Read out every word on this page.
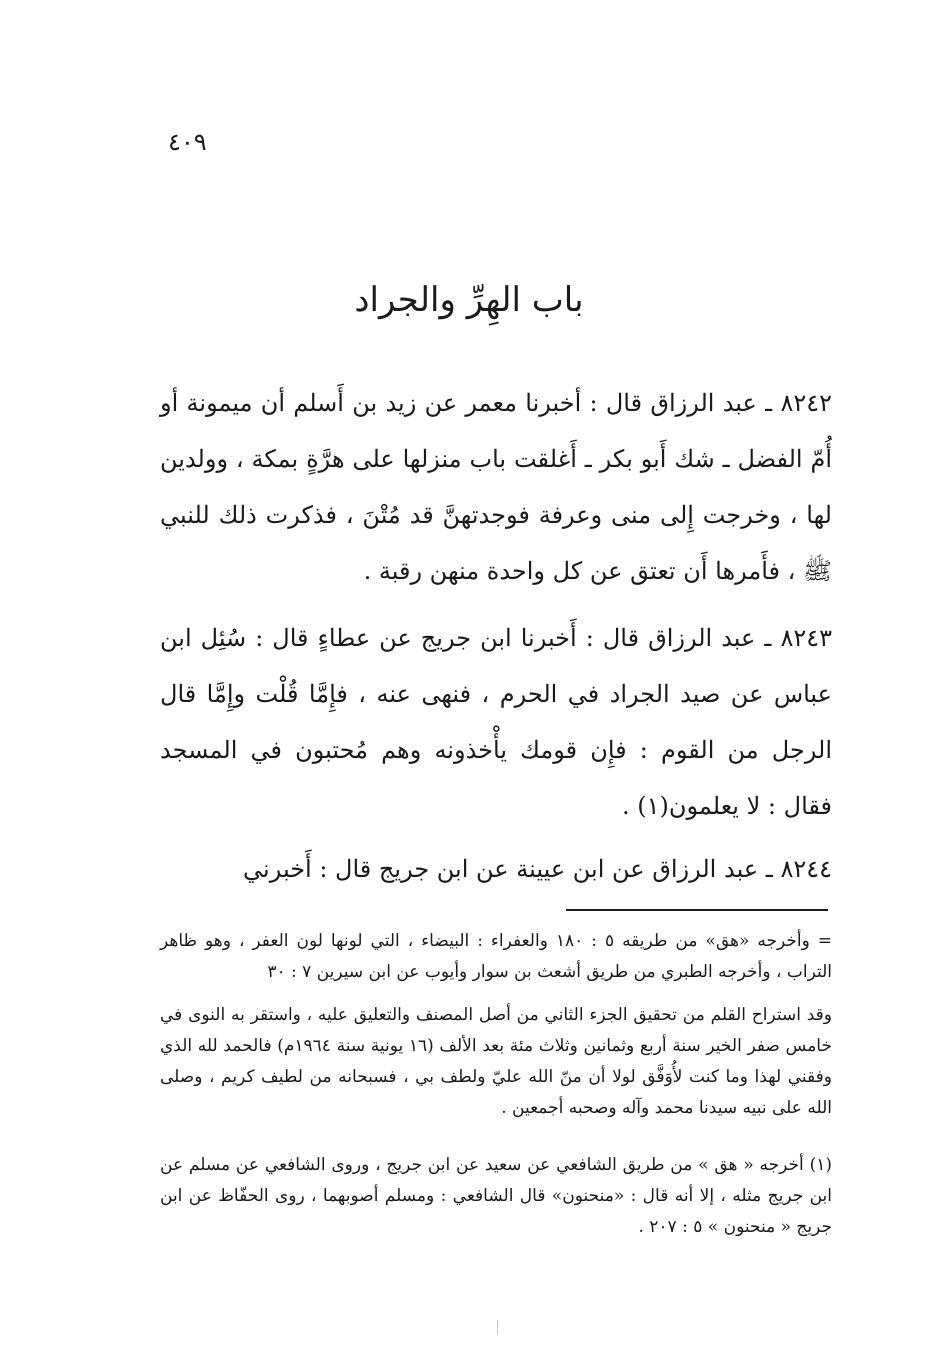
٤٠٩
باب الهِرِّ والجراد

٨٢٤٢ ـ عبد الرزاق قال : أخبرنا معمر عن زيد بن أَسلم أن ميمونة أو أُمّ الفضل ـ شك أَبو بكر ـ أَغلقت باب منزلها على هرَّةٍ بمكة ، وولدين لها ، وخرجت إِلى منى وعرفة فوجدتهنَّ قد مُتْنَ ، فذكرت ذلك للنبي ﷺ ، فأَمرها أَن تعتق عن كل واحدة منهن رقبة .

٨٢٤٣ ـ عبد الرزاق قال : أَخبرنا ابن جريج عن عطاءٍ قال : سُئِل ابن عباس عن صيد الجراد في الحرم ، فنهى عنه ، فإِمَّا قُلْت وإِمَّا قال الرجل من القوم : فإِن قومك يأْخذونه وهم مُحتبون في المسجد فقال : لا يعلمون(١) .

٨٢٤٤ ـ عبد الرزاق عن ابن عيينة عن ابن جريج قال : أَخبرني

= وأخرجه «هق» من طريقه ٥ : ١٨٠ والعفراء : البيضاء ، التي لونها لون العفر ، وهو ظاهر التراب ، وأخرجه الطبري من طريق أشعث بن سوار وأيوب عن ابن سيرين ٧ : ٣٠

وقد استراح القلم من تحقيق الجزء الثاني من أصل المصنف والتعليق عليه ، واستقر به النوى في خامس صفر الخير سنة أربع وثمانين وثلاث مئة بعد الألف (١٦ يونية سنة ١٩٦٤م) فالحمد لله الذي وفقني لهذا وما كنت لأُوَفَّق لولا أن منّ الله عليّ ولطف بي ، فسبحانه من لطيف كريم ، وصلى الله على نبيه سيدنا محمد وآله وصحبه أجمعين .

(١) أخرجه « هق » من طريق الشافعي عن سعيد عن ابن جريج ، وروى الشافعي عن مسلم عن ابن جريج مثله ، إلا أنه قال : «منحنون» قال الشافعي : ومسلم أصوبهما ، روى الحفّاظ عن ابن جريج « منحنون » ٥ : ٢٠٧ .
